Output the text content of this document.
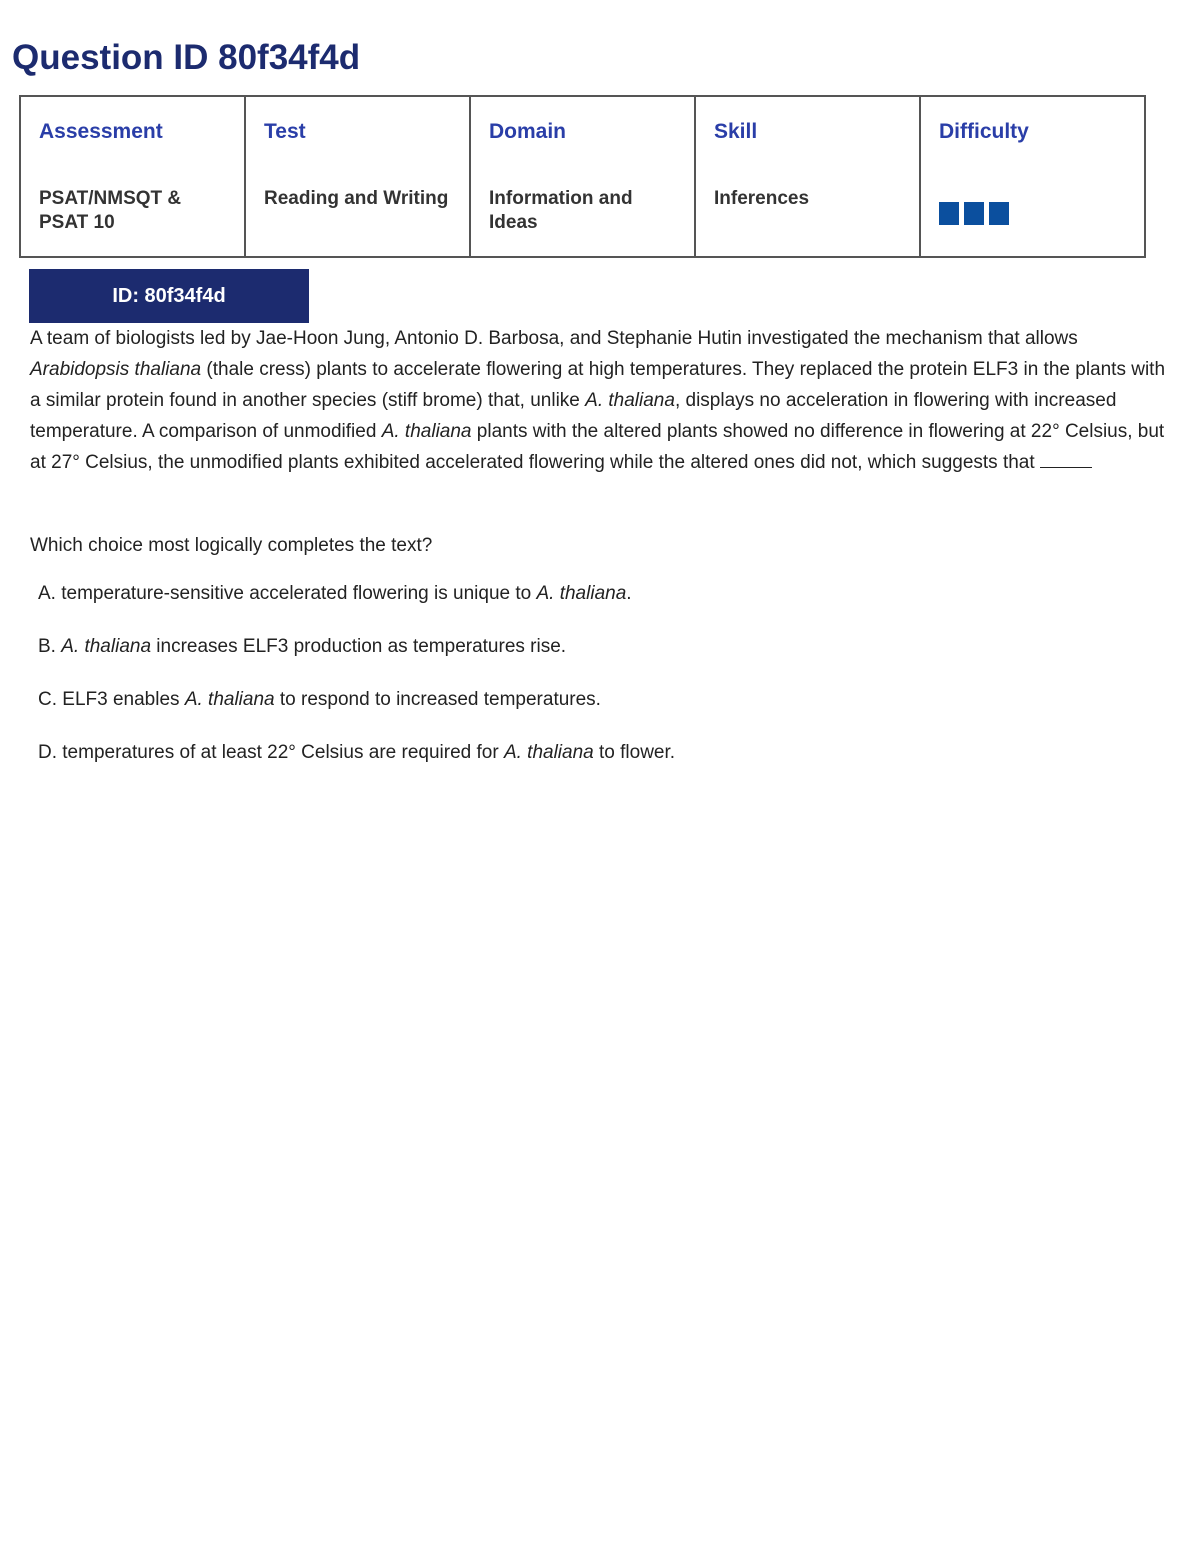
Question ID 80f34f4d
Assessment
PSAT/NMSQT & PSAT 10
Test
Reading and Writing
Domain
Information and Ideas
Skill
Inferences
Difficulty
ID: 80f34f4d

A team of biologists led by Jae-Hoon Jung, Antonio D. Barbosa, and Stephanie Hutin investigated the mechanism that allows Arabidopsis thaliana (thale cress) plants to accelerate flowering at high temperatures. They replaced the protein ELF3 in the plants with a similar protein found in another species (stiff brome) that, unlike A. thaliana, displays no acceleration in flowering with increased temperature. A comparison of unmodified A. thaliana plants with the altered plants showed no difference in flowering at 22° Celsius, but at 27° Celsius, the unmodified plants exhibited accelerated flowering while the altered ones did not, which suggests that

Which choice most logically completes the text?

A. temperature-sensitive accelerated flowering is unique to A. thaliana.

B. A. thaliana increases ELF3 production as temperatures rise.

C. ELF3 enables A. thaliana to respond to increased temperatures.

D. temperatures of at least 22° Celsius are required for A. thaliana to flower.
